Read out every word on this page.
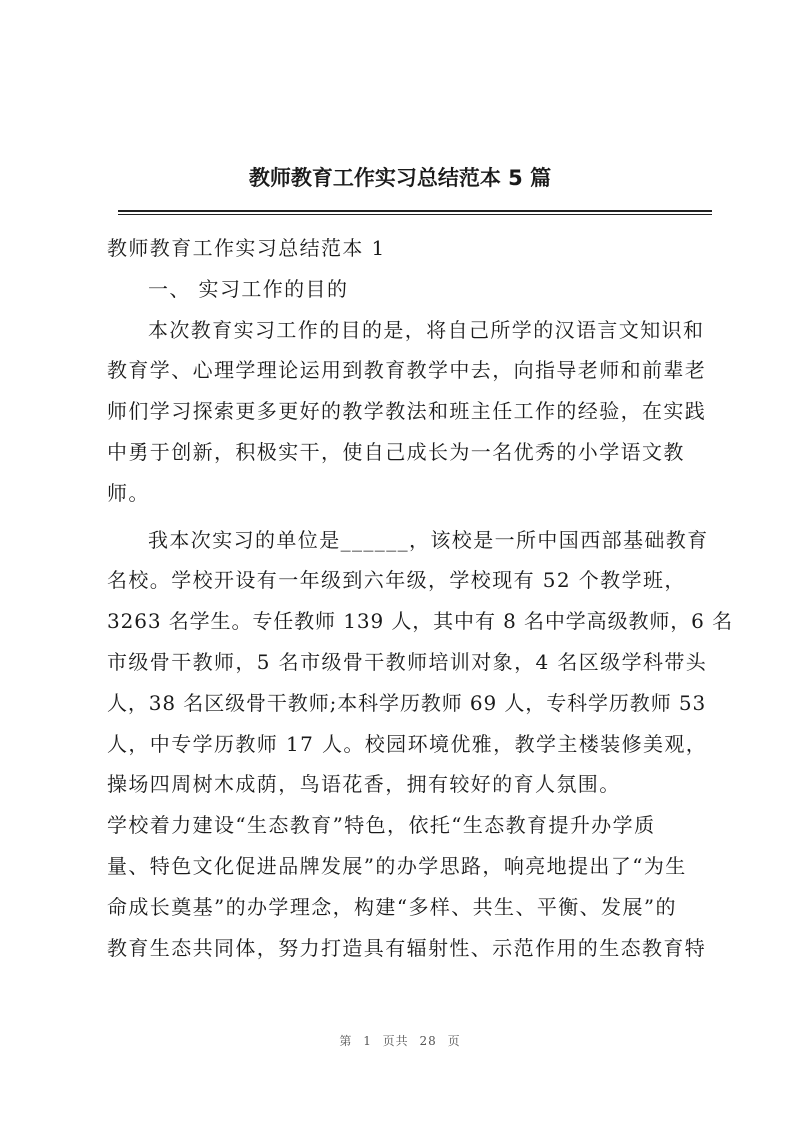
教师教育工作实习总结范本 5 篇
教师教育工作实习总结范本 1
一、 实习工作的目的
本次教育实习工作的目的是，将自己所学的汉语言文知识和
教育学、心理学理论运用到教育教学中去，向指导老师和前辈老
师们学习探索更多更好的教学教法和班主任工作的经验，在实践
中勇于创新，积极实干，使自己成长为一名优秀的小学语文教
师。
我本次实习的单位是______，该校是一所中国西部基础教育
名校。学校开设有一年级到六年级，学校现有 52 个教学班，
3263 名学生。专任教师 139 人，其中有 8 名中学高级教师，6 名
市级骨干教师，5 名市级骨干教师培训对象，4 名区级学科带头
人，38 名区级骨干教师;本科学历教师 69 人，专科学历教师 53
人，中专学历教师 17 人。校园环境优雅，教学主楼装修美观，
操场四周树木成荫，鸟语花香，拥有较好的育人氛围。
学校着力建设“生态教育”特色，依托“生态教育提升办学质
量、特色文化促进品牌发展”的办学思路，响亮地提出了“为生
命成长奠基”的办学理念，构建“多样、共生、平衡、发展”的
教育生态共同体，努力打造具有辐射性、示范作用的生态教育特
第 1 页共 28 页
